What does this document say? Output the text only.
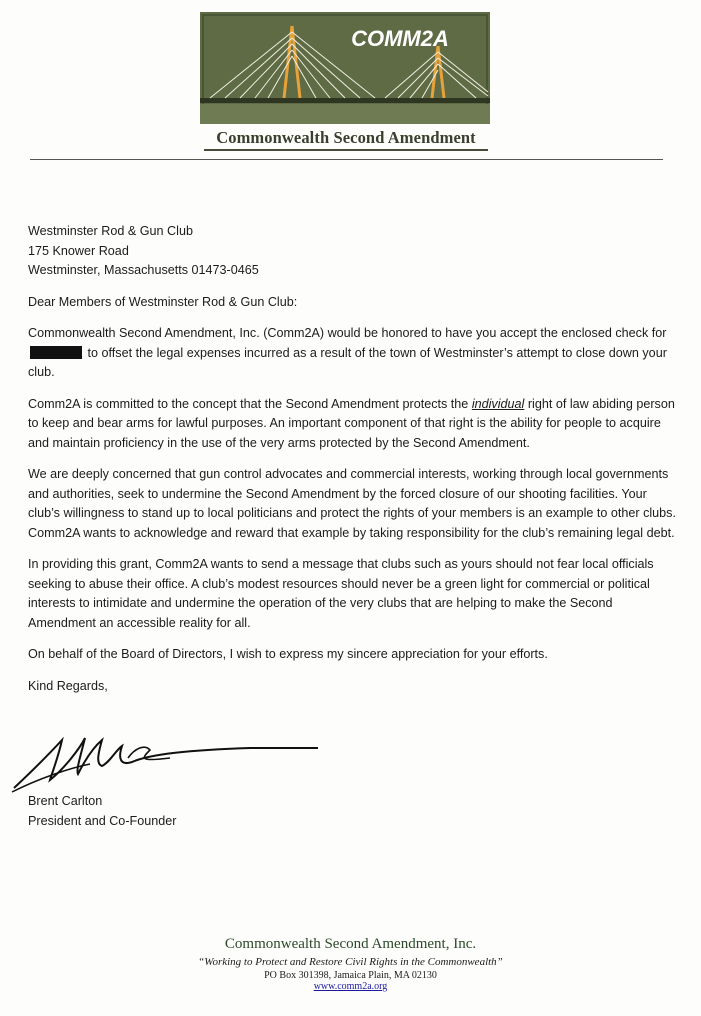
COMM2A
Commonwealth Second Amendment
Westminster Rod & Gun Club
175 Knower Road
Westminster, Massachusetts 01473-0465

Dear Members of Westminster Rod & Gun Club:

Commonwealth Second Amendment, Inc. (Comm2A) would be honored to have you accept the enclosed check for  to offset the legal expenses incurred as a result of the town of Westminster’s attempt to close down your club.

Comm2A is committed to the concept that the Second Amendment protects the individual right of law abiding person to keep and bear arms for lawful purposes. An important component of that right is the ability for people to acquire and maintain proficiency in the use of the very arms protected by the Second Amendment.

We are deeply concerned that gun control advocates and commercial interests, working through local governments and authorities, seek to undermine the Second Amendment by the forced closure of our shooting facilities. Your club’s willingness to stand up to local politicians and protect the rights of your members is an example to other clubs. Comm2A wants to acknowledge and reward that example by taking responsibility for the club’s remaining legal debt.

In providing this grant, Comm2A wants to send a message that clubs such as yours should not fear local officials seeking to abuse their office. A club’s modest resources should never be a green light for commercial or political interests to intimidate and undermine the operation of the very clubs that are helping to make the Second Amendment an accessible reality for all.

On behalf of the Board of Directors, I wish to express my sincere appreciation for your efforts.

Kind Regards,

Brent Carlton
President and Co-Founder
Commonwealth Second Amendment, Inc.
“Working to Protect and Restore Civil Rights in the Commonwealth”
PO Box 301398, Jamaica Plain, MA 02130
www.comm2a.org
